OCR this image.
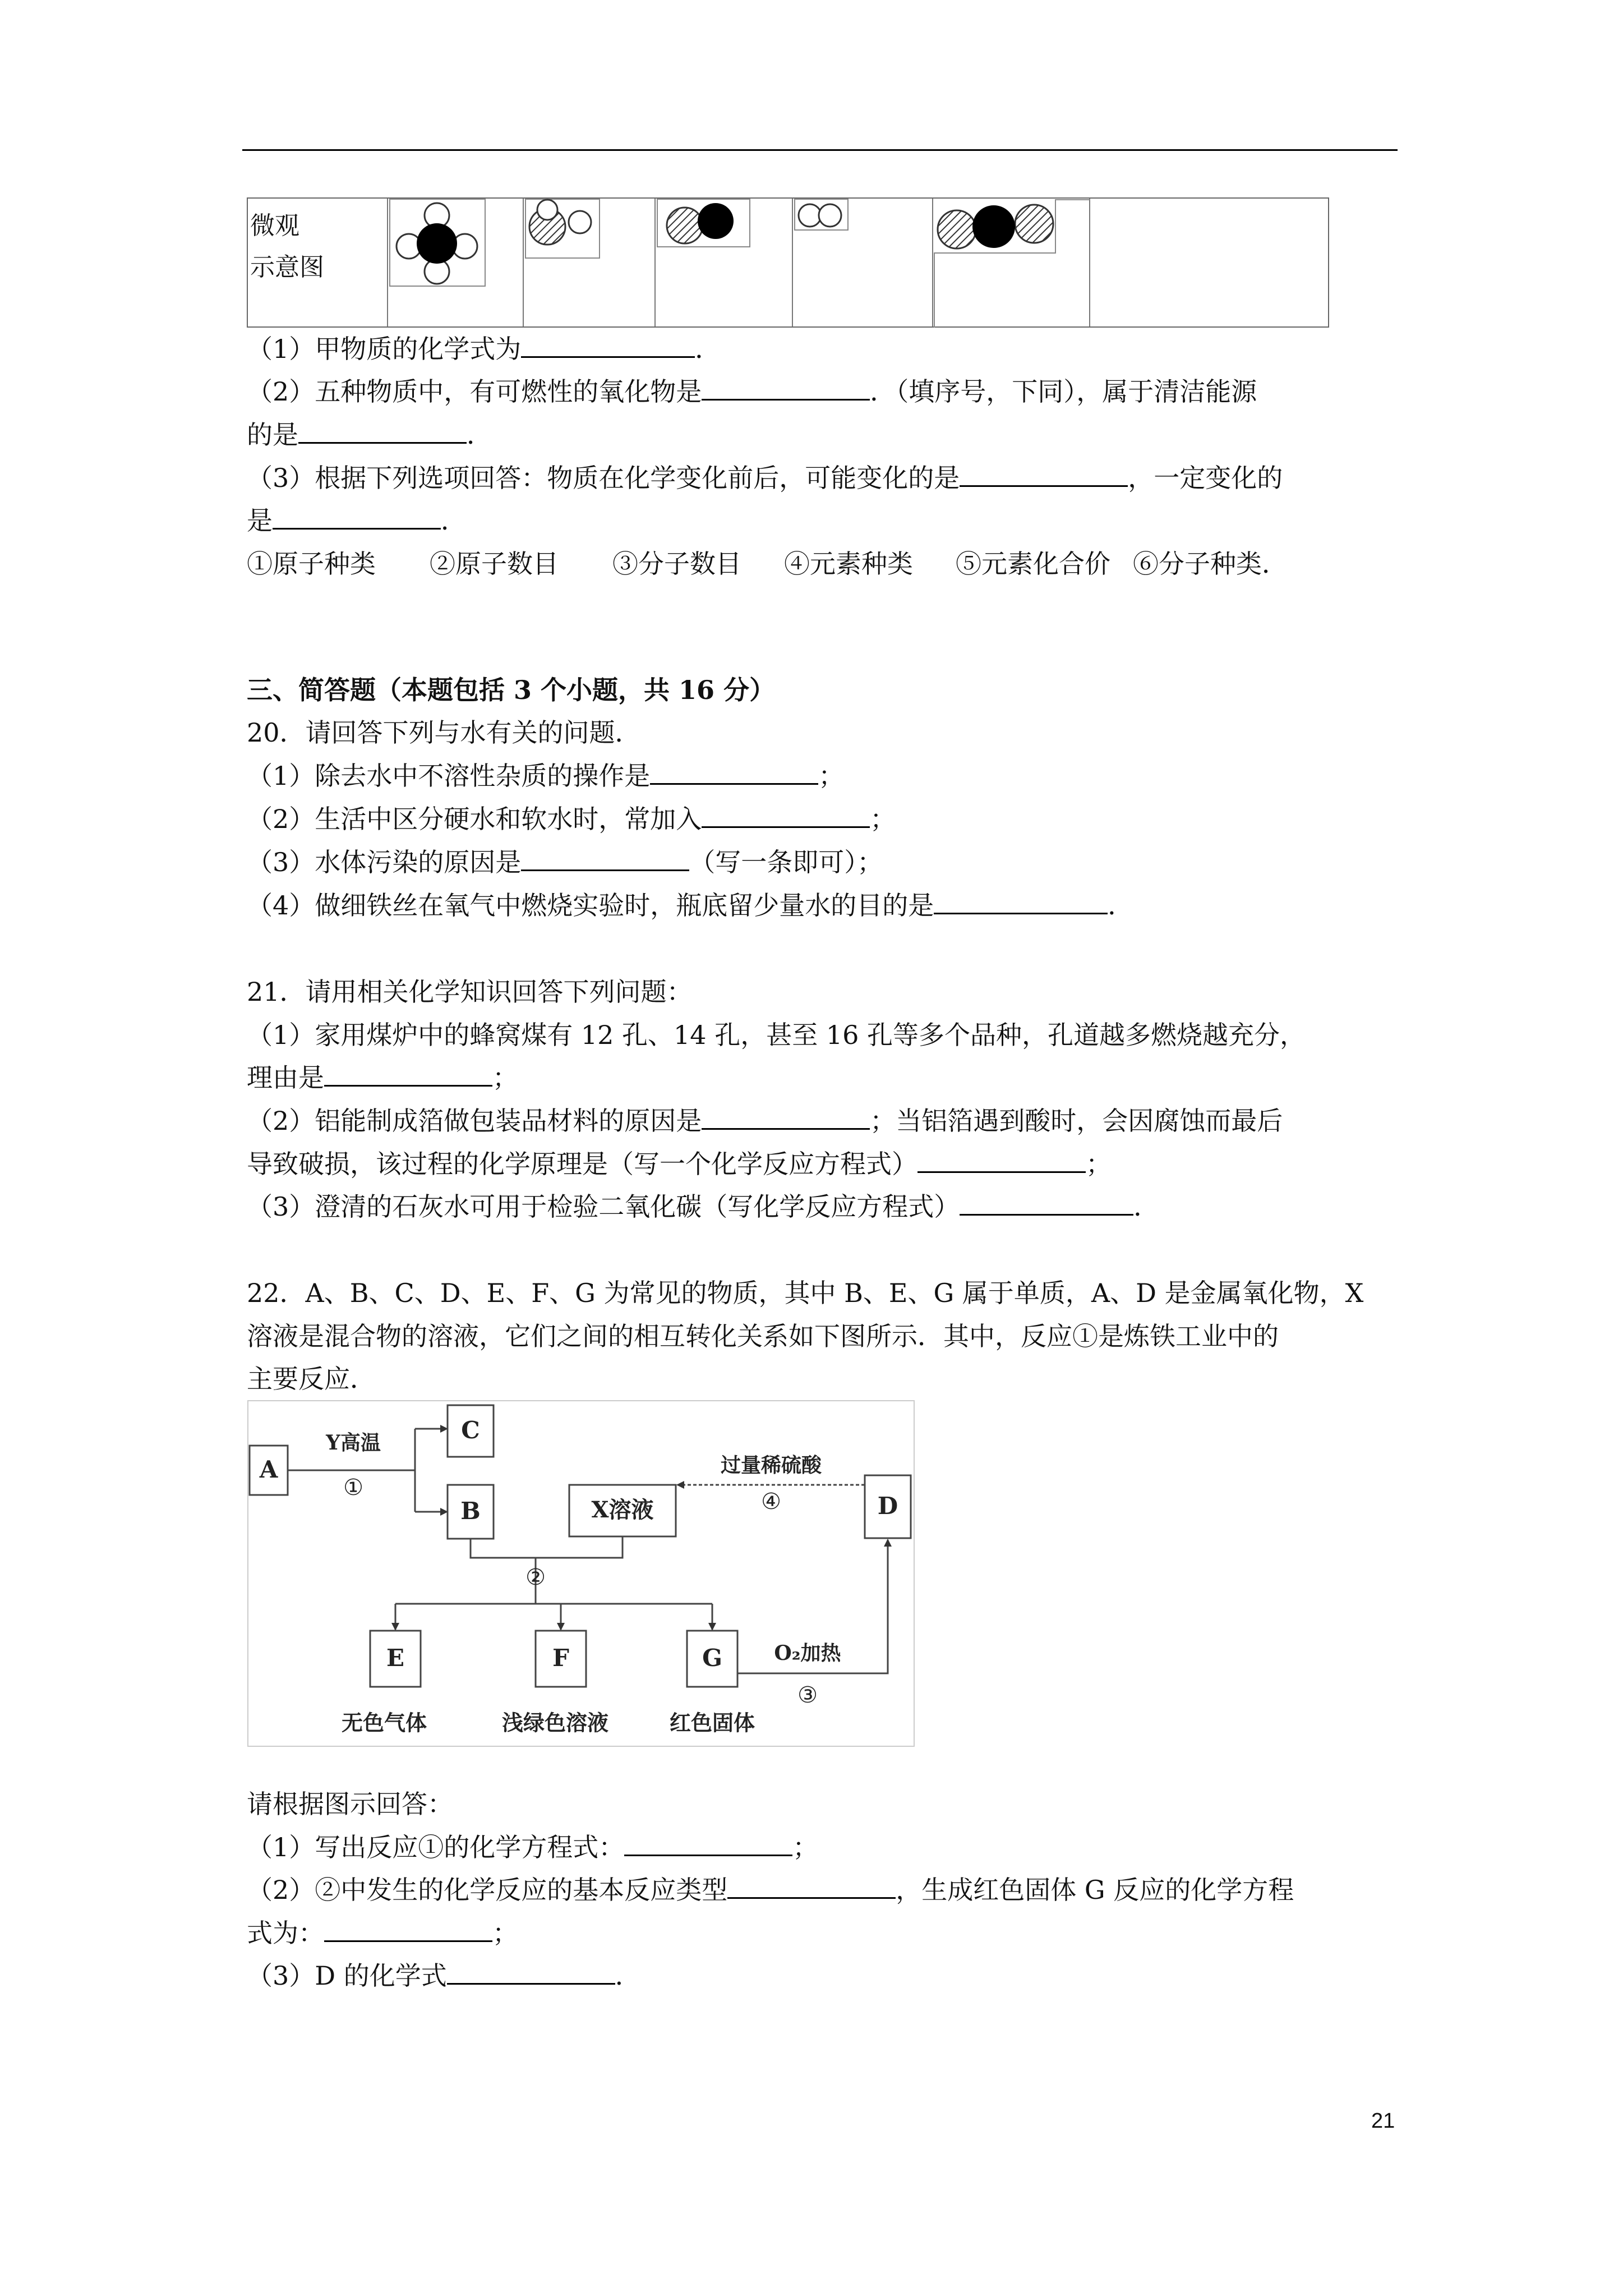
微观
示意图
（1）甲物质的化学式为	．
（2）五种物质中，有可燃性的氧化物是	．（填序号，下同），属于清洁能源
的是	．
（3）根据下列选项回答：物质在化学变化前后，可能变化的是	，一定变化的
是	．
①原子种类 ②原子数目 ③分子数目 ④元素种类 ⑤元素化合价 ⑥分子种类．
三、简答题（本题包括 3 个小题，共 16 分）
20．请回答下列与水有关的问题．
（1）除去水中不溶性杂质的操作是	；
（2）生活中区分硬水和软水时，常加入	；
（3）水体污染的原因是	（写一条即可）；
（4）做细铁丝在氧气中燃烧实验时，瓶底留少量水的目的是	．
21．请用相关化学知识回答下列问题：
（1）家用煤炉中的蜂窝煤有 12 孔、14 孔，甚至 16 孔等多个品种，孔道越多燃烧越充分，
理由是	；
（2）铝能制成箔做包装品材料的原因是	；当铝箔遇到酸时，会因腐蚀而最后
导致破损，该过程的化学原理是（写一个化学反应方程式）	；
（3）澄清的石灰水可用于检验二氧化碳（写化学反应方程式）	．
22．A、B、C、D、E、F、G 为常见的物质，其中 B、E、G 属于单质，A、D 是金属氧化物，X
溶液是混合物的溶液，它们之间的相互转化关系如下图所示．其中，反应①是炼铁工业中的
主要反应．
A
Y高温
①
C
B	X溶液	D
过量稀硫酸
④
②
E	F	G	O₂加热
③
无色气体	浅绿色溶液	红色固体
请根据图示回答：
（1）写出反应①的化学方程式：	；
（2）②中发生的化学反应的基本反应类型	，生成红色固体 G 反应的化学方程
式为：	；
（3）D 的化学式	．
21
